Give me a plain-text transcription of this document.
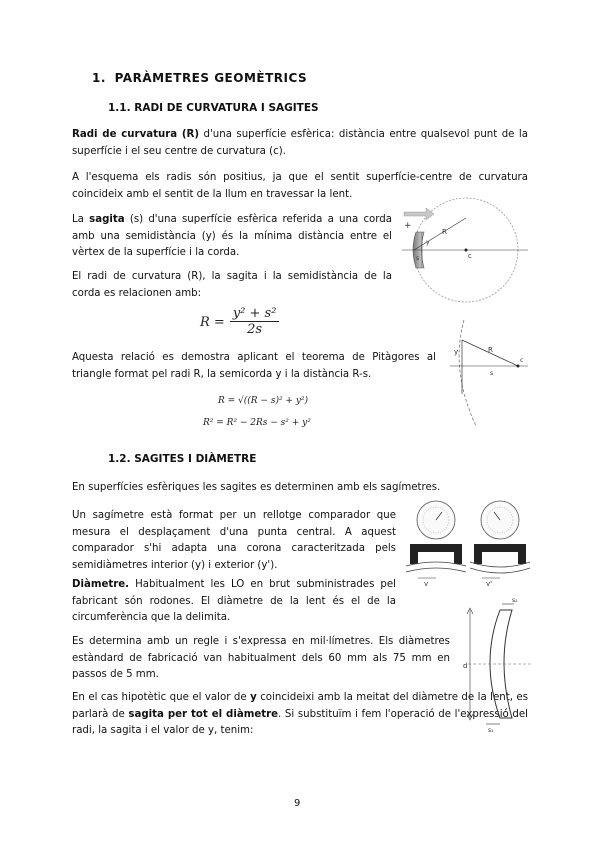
1. PARÀMETRES GEOMÈTRICS
1.1. RADI DE CURVATURA I SAGITES

Radi de curvatura (R) d'una superfície esfèrica: distància entre qualsevol punt de la superfície i el seu centre de curvatura (c).

A l'esquema els radis són positius, ja que el sentit superfície-centre de curvatura coincideix amb el sentit de la llum en travessar la lent.

La sagita (s) d'una superfície esfèrica referida a una corda amb una semidistància (y) és la mínima distància entre el vèrtex de la superfície i la corda.

El radi de curvatura (R), la sagita i la semidistància de la corda es relacionen amb:

$R = \frac{\text{y² + s²}}{2s}$

Aquesta relació es demostra aplicant el teorema de Pitàgores al triangle format pel radi R, la semicorda y i la distància R-s.

R = √((R − s)² + y²)
R² = R² − 2Rs − s² + y²
1.2. SAGITES I DIÀMETRE

En superfícies esfèriques les sagites es determinen amb els sagímetres.

Un sagímetre està format per un rellotge comparador que mesura el desplaçament d'una punta central. A aquest comparador s'hi adapta una corona caracteritzada pels semidiàmetres interior (y) i exterior (y').

Diàmetre. Habitualment les LO en brut subministrades pel fabricant són rodones. El diàmetre de la lent és el de la circumferència que la delimita.

Es determina amb un regle i s'expressa en mil·límetres. Els diàmetres estàndard de fabricació van habitualment dels 60 mm als 75 mm en passos de 5 mm.

En el cas hipotètic que el valor de y coincideixi amb la meitat del diàmetre de la lent, es parlarà de sagita per tot el diàmetre. Si substituïm i fem l'operació de l'expressió del radi, la sagita i el valor de y, tenim:

9
+
R
c
s
y
y	R
s
c
y	y'
d
s₂
s₁
